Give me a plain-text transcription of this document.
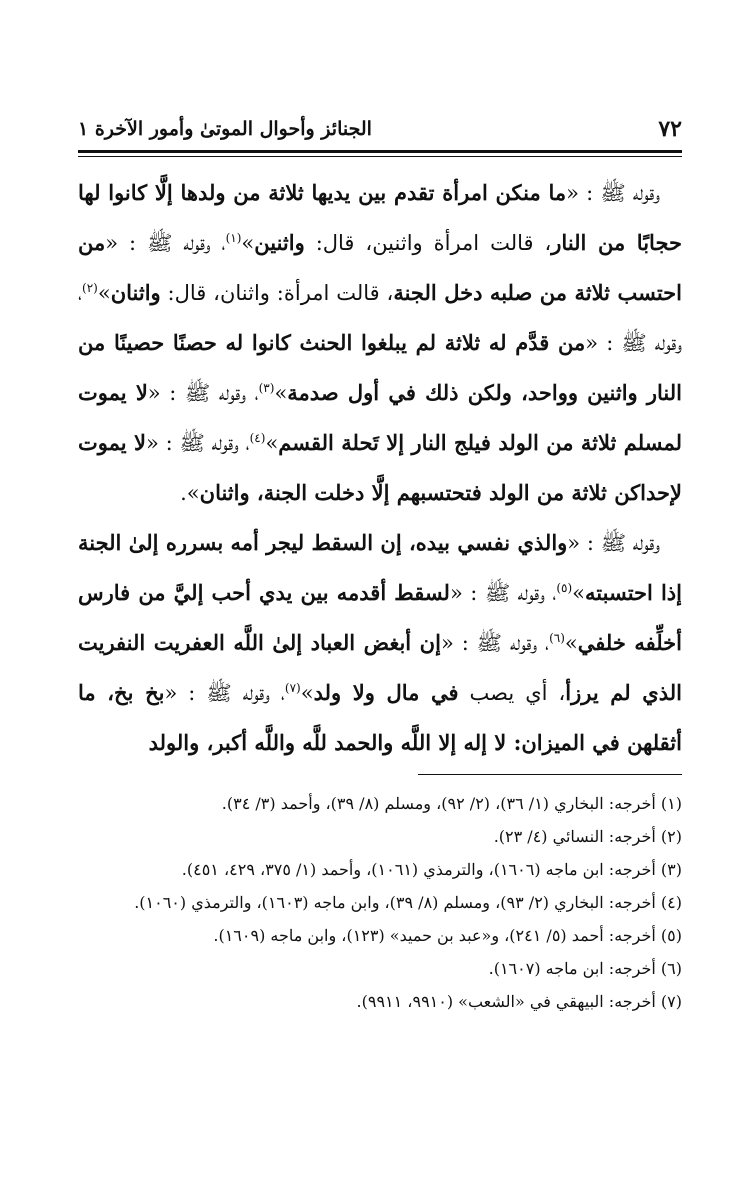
٧٢
الجنائز وأحوال الموتىٰ وأمور الآخرة ١

وقوله ﷺ : «ما منكن امرأة تقدم بين يديها ثلاثة من ولدها إلَّا كانوا لها حجابًا من النار، قالت امرأة واثنين، قال: واثنين»$^{(١)}$، وقوله ﷺ : «من احتسب ثلاثة من صلبه دخل الجنة، قالت امرأة: واثنان، قال: واثنان»$^{(٢)}$، وقوله ﷺ : «من قدَّم له ثلاثة لم يبلغوا الحنث كانوا له حصنًا حصينًا من النار واثنين وواحد، ولكن ذلك في أول صدمة»$^{(٣)}$، وقوله ﷺ : «لا يموت لمسلم ثلاثة من الولد فيلج النار إلا تَحلة القسم»$^{(٤)}$، وقوله ﷺ : «لا يموت لإحداكن ثلاثة من الولد فتحتسبهم إلَّا دخلت الجنة، واثنان».

وقوله ﷺ : «والذي نفسي بيده، إن السقط ليجر أمه بسرره إلىٰ الجنة إذا احتسبته»$^{(٥)}$، وقوله ﷺ : «لسقط أقدمه بين يدي أحب إليَّ من فارس أخلِّفه خلفي»$^{(٦)}$، وقوله ﷺ : «إن أبغض العباد إلىٰ اللَّه العفريت النفريت الذي لم يرزأ، أي يصب في مال ولا ولد»$^{(٧)}$، وقوله ﷺ : «بخ بخ، ما أثقلهن في الميزان: لا إله إلا اللَّه والحمد للَّه واللَّه أكبر، والولد

(١) أخرجه: البخاري (١/ ٣٦)، (٢/ ٩٢)، ومسلم (٨/ ٣٩)، وأحمد (٣/ ٣٤).

(٢) أخرجه: النسائي (٤/ ٢٣).

(٣) أخرجه: ابن ماجه (١٦٠٦)، والترمذي (١٠٦١)، وأحمد (١/ ٣٧٥، ٤٢٩، ٤٥١).

(٤) أخرجه: البخاري (٢/ ٩٣)، ومسلم (٨/ ٣٩)، وابن ماجه (١٦٠٣)، والترمذي (١٠٦٠).

(٥) أخرجه: أحمد (٥/ ٢٤١)، و«عبد بن حميد» (١٢٣)، وابن ماجه (١٦٠٩).

(٦) أخرجه: ابن ماجه (١٦٠٧).

(٧) أخرجه: البيهقي في «الشعب» (٩٩١٠، ٩٩١١).
